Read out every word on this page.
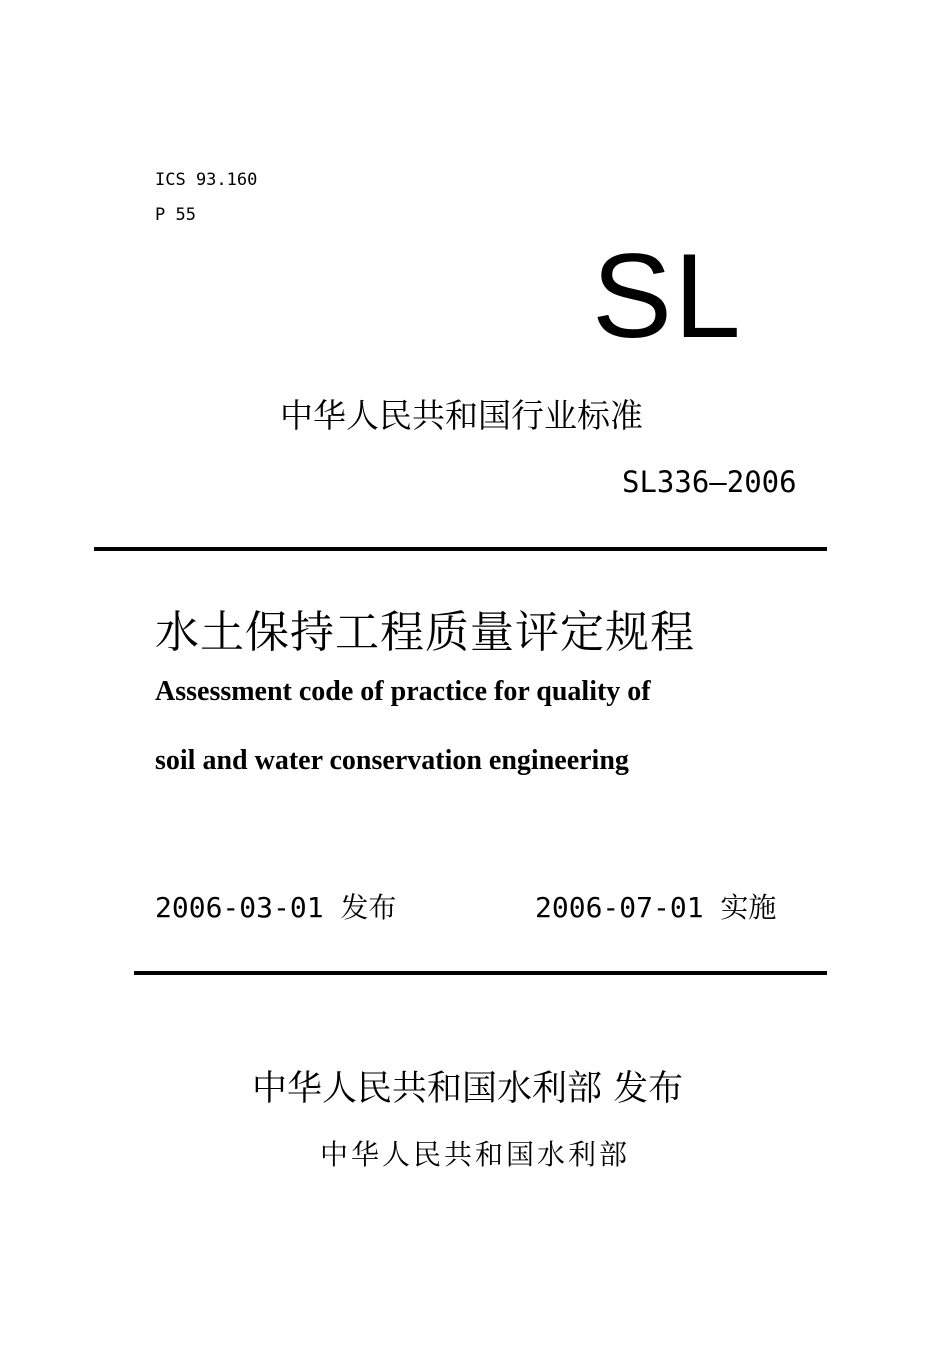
ICS 93.160
P 55
SL
中华人民共和国行业标准
SL336—2006
水土保持工程质量评定规程
Assessment code of practice for quality of
soil and water conservation engineering
2006-03-01 发布	2006-07-01 实施
中华人民共和国水利部 发布
中华人民共和国水利部
